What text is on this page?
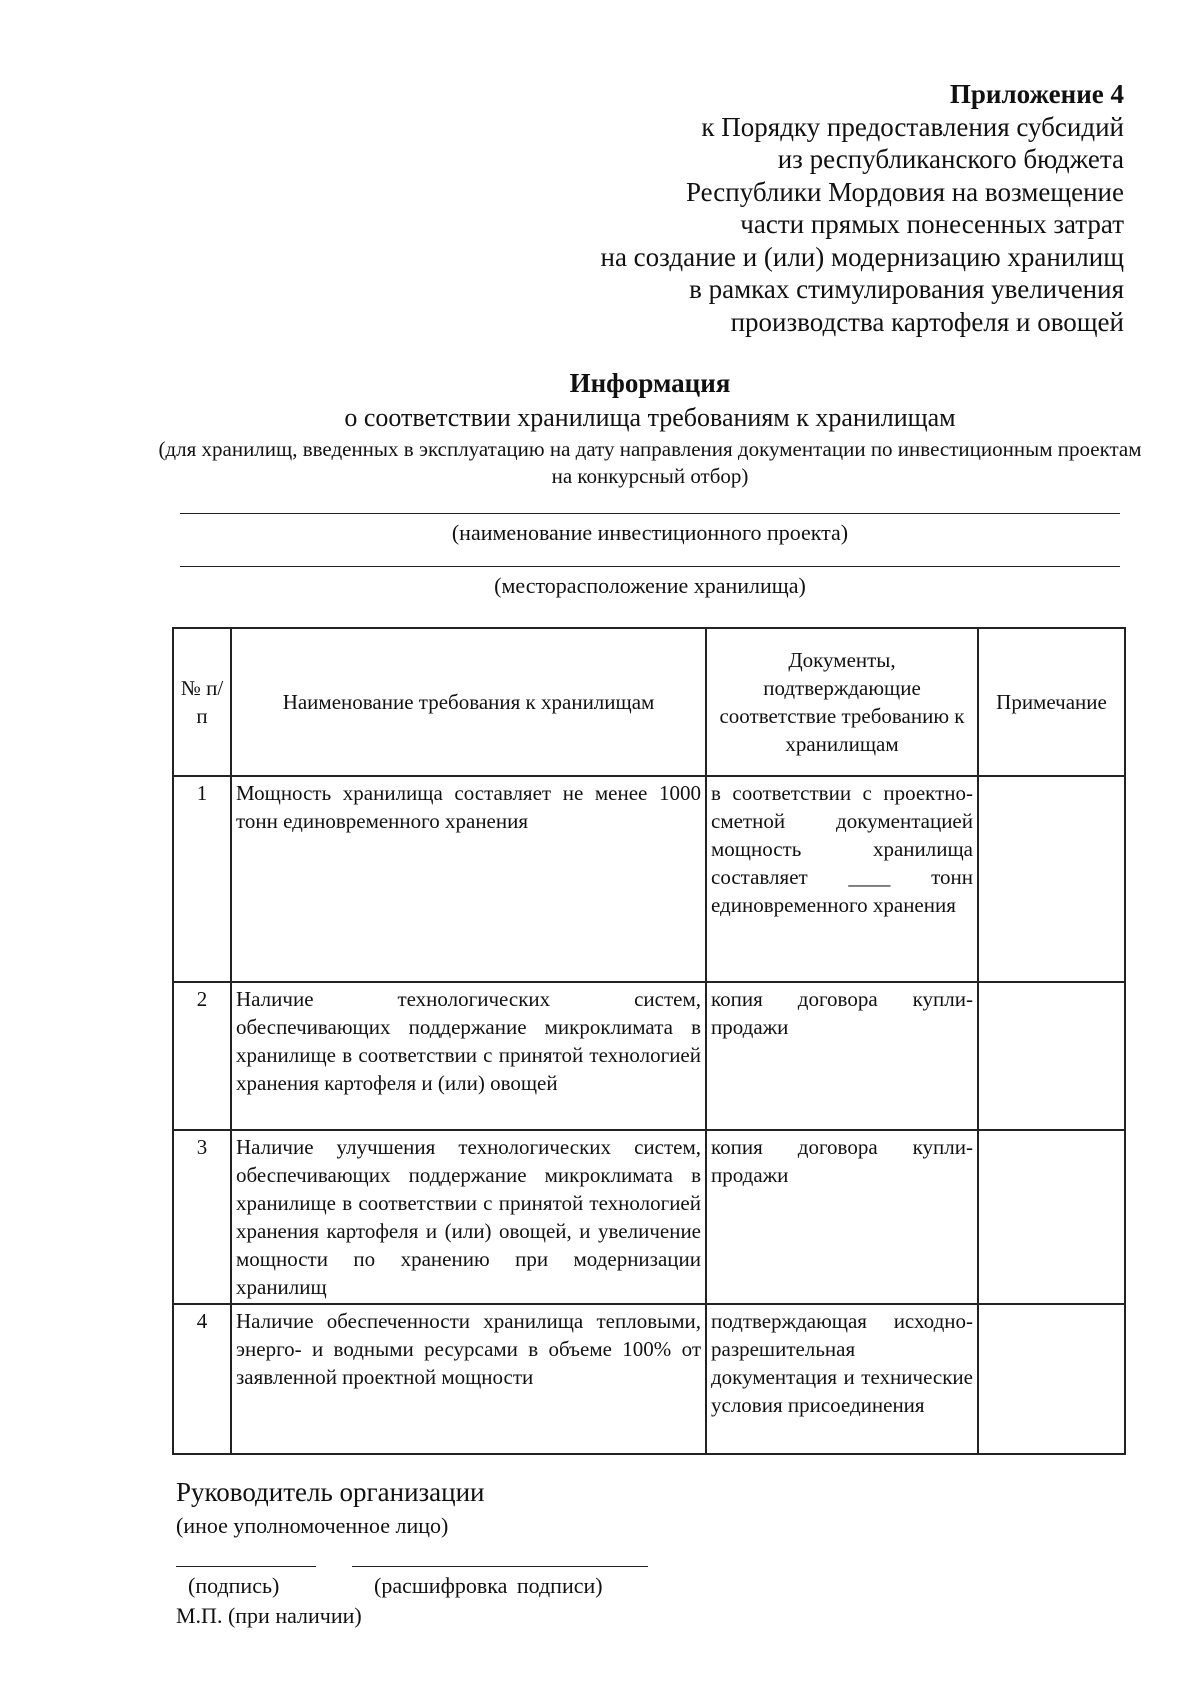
Приложение 4
к Порядку предоставления субсидий
из республиканского бюджета
Республики Мордовия на возмещение
части прямых понесенных затрат
на создание и (или) модернизацию хранилищ
в рамках стимулирования увеличения
производства картофеля и овощей
Информация
о соответствии хранилища требованиям к хранилищам
(для хранилищ, введенных в эксплуатацию на дату направления документации по инвестиционным проектам на конкурсный отбор)
(наименование инвестиционного проекта)
(месторасположение хранилища)
№ п/п	Наименование требования к хранилищам	Документы, подтверждающие соответствие требованию к хранилищам	Примечание
1	Мощность хранилища составляет не менее 1000 тонн единовременного хранения	в соответствии с проектно-сметной документацией мощность хранилища составляет ____ тонн единовременного хранения	
2	Наличие технологических систем, обеспечивающих поддержание микроклимата в хранилище в соответствии с принятой технологией хранения картофеля и (или) овощей	копия договора купли-продажи	
3	Наличие улучшения технологических систем, обеспечивающих поддержание микроклимата в хранилище в соответствии с принятой технологией хранения картофеля и (или) овощей, и увеличение мощности по хранению при модернизации хранилищ	копия договора купли-продажи	
4	Наличие обеспеченности хранилища тепловыми, энерго- и водными ресурсами в объеме 100% от заявленной проектной мощности	подтверждающая исходно-разрешительная документация и технические условия присоединения	
Руководитель организации
(иное уполномоченное лицо)
(подпись)	(расшифровка подписи)
М.П. (при наличии)
